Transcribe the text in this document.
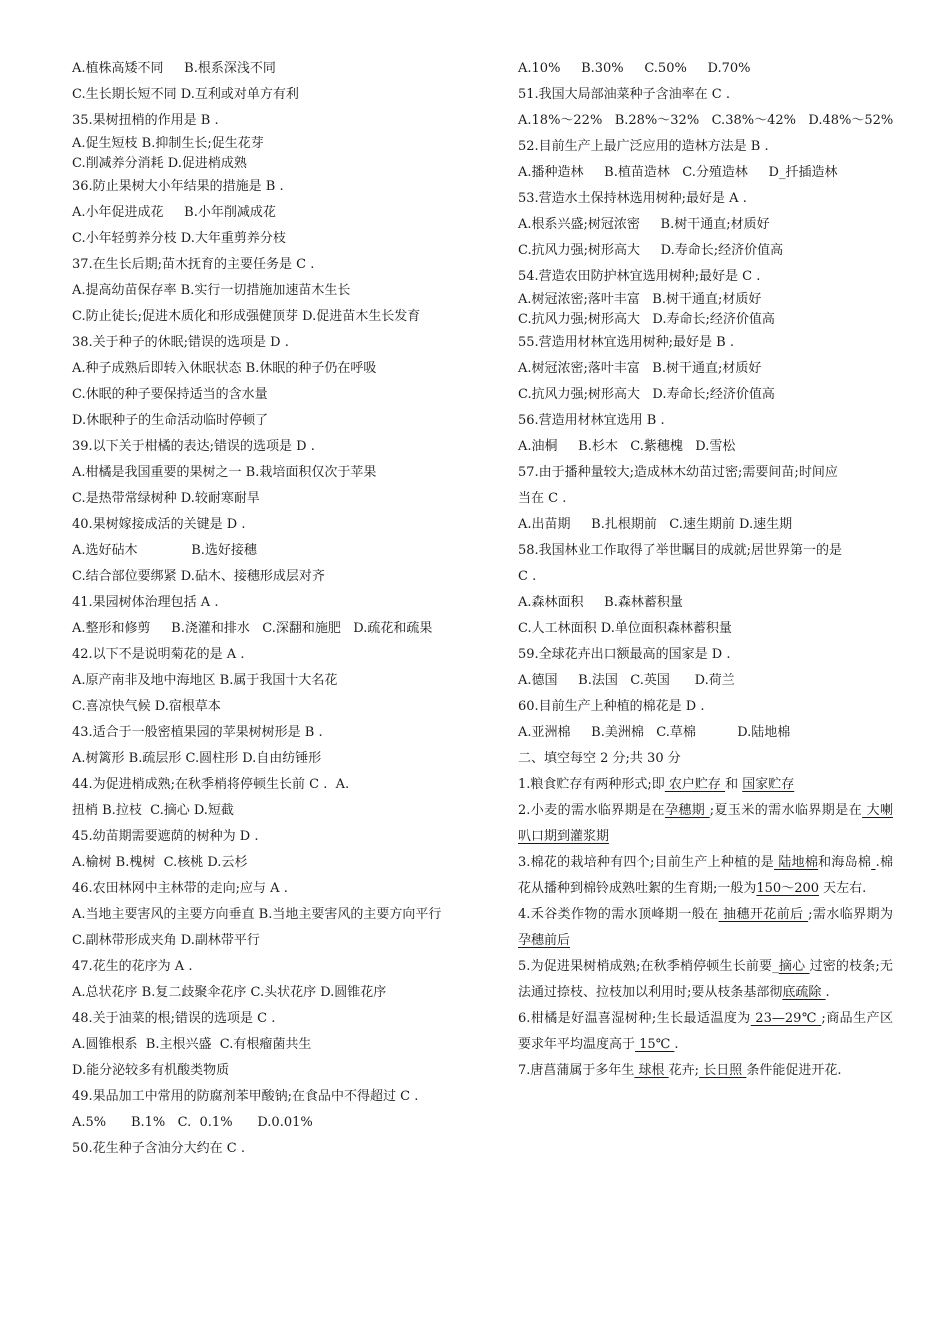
A.植株高矮不同     B.根系深浅不同
C.生长期长短不同 D.互利或对单方有利
35.果树扭梢的作用是 B .
A.促生短枝 B.抑制生长;促生花芽
C.削减养分消耗 D.促进梢成熟
36.防止果树大小年结果的措施是 B .
A.小年促进成花     B.小年削减成花
C.小年轻剪养分枝 D.大年重剪养分枝
37.在生长后期;苗木抚育的主要任务是 C .
A.提高幼苗保存率 B.实行一切措施加速苗木生长
C.防止徒长;促进木质化和形成强健顶芽 D.促进苗木生长发育
38.关于种子的休眠;错误的选项是 D .
A.种子成熟后即转入休眠状态 B.休眠的种子仍在呼吸
C.休眠的种子要保持适当的含水量
D.休眠种子的生命活动临时停顿了
39.以下关于柑橘的表达;错误的选项是 D .
A.柑橘是我国重要的果树之一 B.栽培面积仅次于苹果
C.是热带常绿树种 D.较耐寒耐旱
40.果树嫁接成活的关键是 D .
A.选好砧木             B.选好接穗
C.结合部位要绑紧 D.砧木、接穗形成层对齐
41.果园树体治理包括 A .
A.整形和修剪     B.浇灌和排水   C.深翻和施肥   D.疏花和疏果
42.以下不是说明菊花的是 A .
A.原产南非及地中海地区 B.属于我国十大名花
C.喜凉快气候 D.宿根草本
43.适合于一般密植果园的苹果树树形是 B .
A.树篱形 B.疏层形 C.圆柱形 D.自由纺锤形
44.为促进梢成熟;在秋季梢将停顿生长前 C .  A.
扭梢 B.拉枝  C.摘心 D.短截
45.幼苗期需要遮荫的树种为 D .
A.榆树 B.槐树  C.核桃 D.云杉
46.农田林网中主林带的走向;应与 A .
A.当地主要害风的主要方向垂直 B.当地主要害风的主要方向平行
C.副林带形成夹角 D.副林带平行
47.花生的花序为 A .
A.总状花序 B.复二歧聚伞花序 C.头状花序 D.圆锥花序
48.关于油菜的根;错误的选项是 C .
A.圆锥根系  B.主根兴盛  C.有根瘤菌共生
D.能分泌较多有机酸类物质
49.果品加工中常用的防腐剂苯甲酸钠;在食品中不得超过 C .
A.5%      B.1%   C.  0.1%      D.0.01%
50.花生种子含油分大约在 C .
A.10%     B.30%     C.50%     D.70%
51.我国大局部油菜种子含油率在 C .
A.18%～22%   B.28%～32%   C.38%～42%   D.48%～52%
52.目前生产上最广泛应用的造林方法是 B .
A.播种造林     B.植苗造林   C.分殖造林     D_扦插造林
53.营造水土保持林选用树种;最好是 A .
A.根系兴盛;树冠浓密     B.树干通直;材质好
C.抗风力强;树形高大     D.寿命长;经济价值高
54.营造农田防护林宜选用树种;最好是 C .
A.树冠浓密;落叶丰富   B.树干通直;材质好
C.抗风力强;树形高大   D.寿命长;经济价值高
55.营造用材林宜选用树种;最好是 B .
A.树冠浓密;落叶丰富   B.树干通直;材质好
C.抗风力强;树形高大   D.寿命长;经济价值高
56.营造用材林宜选用 B .
A.油桐     B.杉木   C.紫穗槐   D.雪松
57.由于播种量较大;造成林木幼苗过密;需要间苗;时间应
当在 C .
A.出苗期     B.扎根期前   C.速生期前 D.速生期
58.我国林业工作取得了举世瞩目的成就;居世界第一的是
C .
A.森林面积     B.森林蓄积量
C.人工林面积 D.单位面积森林蓄积量
59.全球花卉出口额最高的国家是 D .
A.德国     B.法国   C.英国      D.荷兰
60.目前生产上种植的棉花是 D .
A.亚洲棉     B.美洲棉   C.草棉          D.陆地棉
二、填空每空 2 分;共 30 分
1.粮食贮存有两种形式;即 农户贮存 和 国家贮存
2.小麦的需水临界期是在孕穗期 ;夏玉米的需水临界期是在 大喇叭口期到灌浆期
3.棉花的栽培种有四个;目前生产上种植的是 陆地棉和海岛棉 .棉花从播种到棉铃成熟吐絮的生育期;一般为150～200 天左右.
4.禾谷类作物的需水顶峰期一般在 抽穗开花前后 ;需水临界期为 孕穗前后
5.为促进果树梢成熟;在秋季梢停顿生长前要_摘心 过密的枝条;无法通过捺枝、拉枝加以利用时;要从枝条基部彻底疏除 .
6.柑橘是好温喜湿树种;生长最适温度为 23—29℃ ;商品生产区要求年平均温度高于 15℃ .
7.唐菖蒲属于多年生 球根 花卉; 长日照 条件能促进开花.
